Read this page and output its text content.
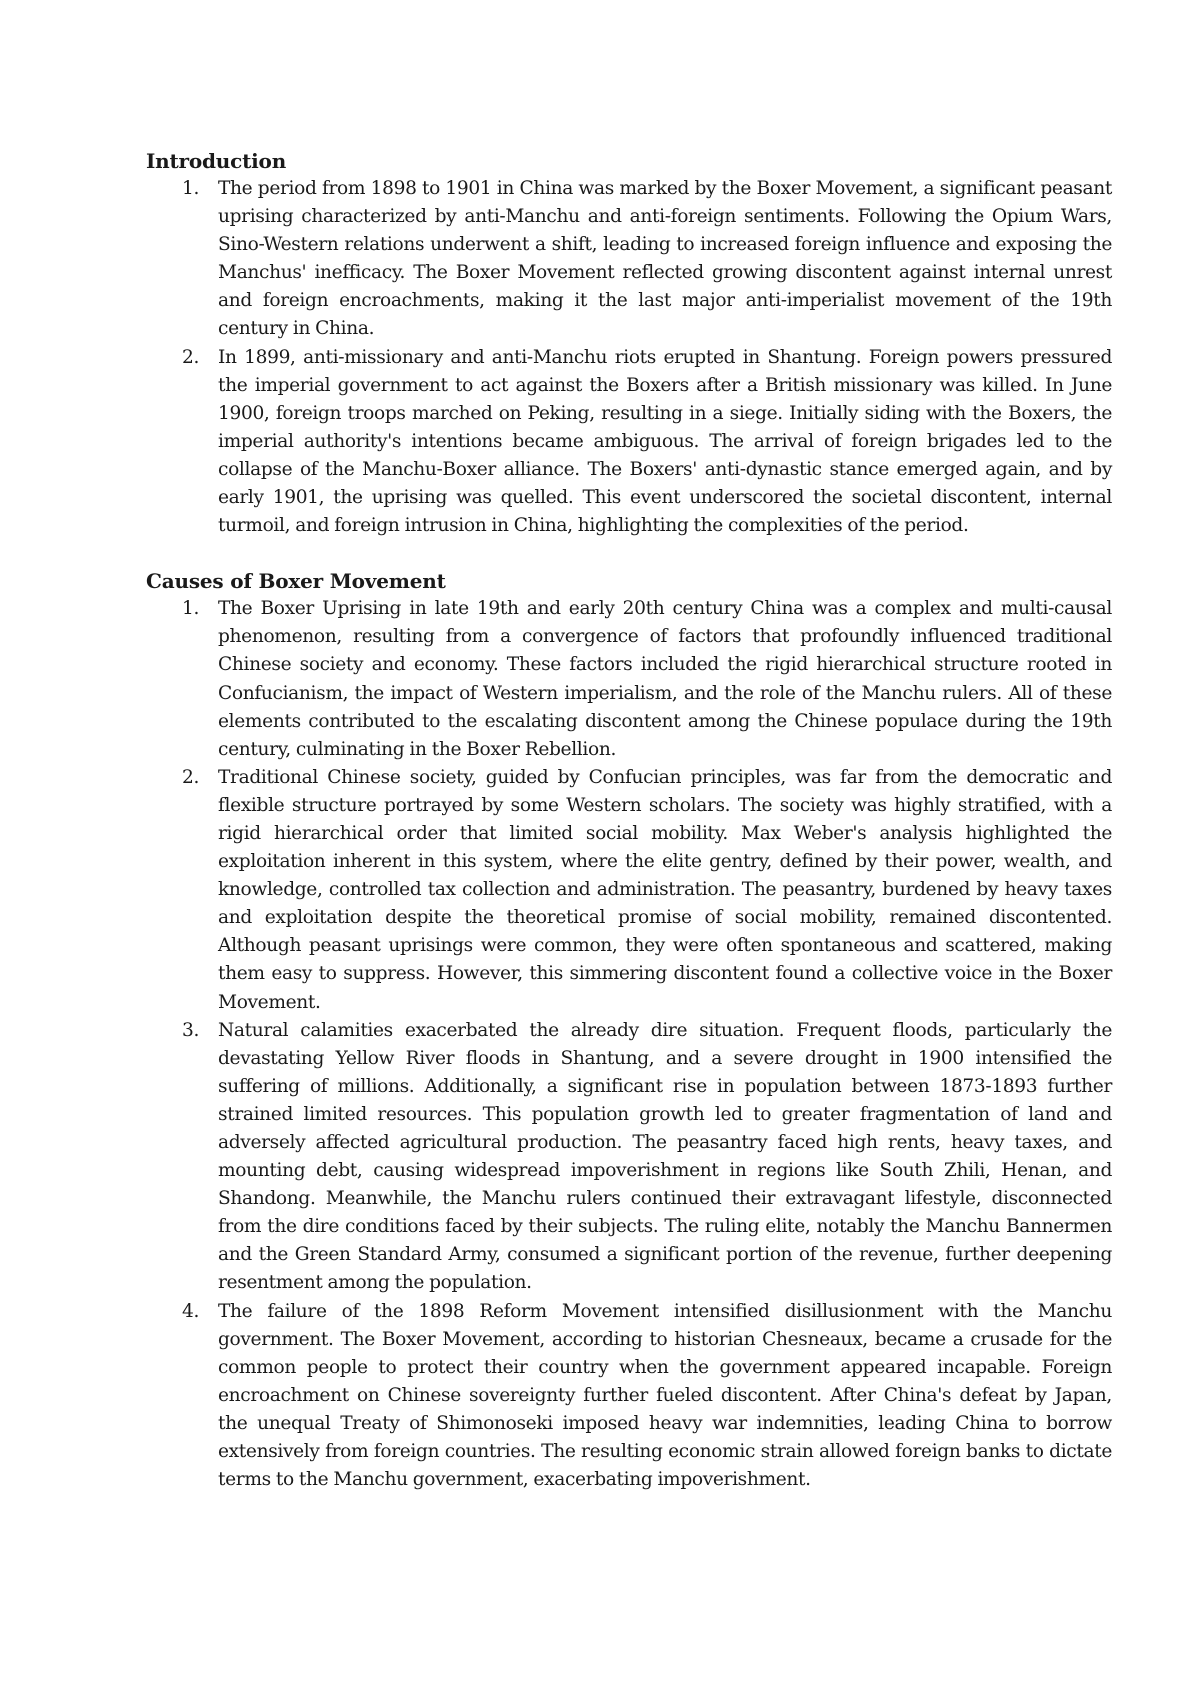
Introduction

1. The period from 1898 to 1901 in China was marked by the Boxer Movement, a significant peasant uprising characterized by anti-Manchu and anti-foreign sentiments. Following the Opium Wars, Sino-Western relations underwent a shift, leading to increased foreign influence and exposing the Manchus' inefficacy. The Boxer Movement reflected growing discontent against internal unrest and foreign encroachments, making it the last major anti-imperialist movement of the 19th century in China.
2. In 1899, anti-missionary and anti-Manchu riots erupted in Shantung. Foreign powers pressured the imperial government to act against the Boxers after a British missionary was killed. In June 1900, foreign troops marched on Peking, resulting in a siege. Initially siding with the Boxers, the imperial authority's intentions became ambiguous. The arrival of foreign brigades led to the collapse of the Manchu-Boxer alliance. The Boxers' anti-dynastic stance emerged again, and by early 1901, the uprising was quelled. This event underscored the societal discontent, internal turmoil, and foreign intrusion in China, highlighting the complexities of the period.

Causes of Boxer Movement

1. The Boxer Uprising in late 19th and early 20th century China was a complex and multi-causal phenomenon, resulting from a convergence of factors that profoundly influenced traditional Chinese society and economy. These factors included the rigid hierarchical structure rooted in Confucianism, the impact of Western imperialism, and the role of the Manchu rulers. All of these elements contributed to the escalating discontent among the Chinese populace during the 19th century, culminating in the Boxer Rebellion.
2. Traditional Chinese society, guided by Confucian principles, was far from the democratic and flexible structure portrayed by some Western scholars. The society was highly stratified, with a rigid hierarchical order that limited social mobility. Max Weber's analysis highlighted the exploitation inherent in this system, where the elite gentry, defined by their power, wealth, and knowledge, controlled tax collection and administration. The peasantry, burdened by heavy taxes and exploitation despite the theoretical promise of social mobility, remained discontented. Although peasant uprisings were common, they were often spontaneous and scattered, making them easy to suppress. However, this simmering discontent found a collective voice in the Boxer Movement.
3. Natural calamities exacerbated the already dire situation. Frequent floods, particularly the devastating Yellow River floods in Shantung, and a severe drought in 1900 intensified the suffering of millions. Additionally, a significant rise in population between 1873-1893 further strained limited resources. This population growth led to greater fragmentation of land and adversely affected agricultural production. The peasantry faced high rents, heavy taxes, and mounting debt, causing widespread impoverishment in regions like South Zhili, Henan, and Shandong. Meanwhile, the Manchu rulers continued their extravagant lifestyle, disconnected from the dire conditions faced by their subjects. The ruling elite, notably the Manchu Bannermen and the Green Standard Army, consumed a significant portion of the revenue, further deepening resentment among the population.
4. The failure of the 1898 Reform Movement intensified disillusionment with the Manchu government. The Boxer Movement, according to historian Chesneaux, became a crusade for the common people to protect their country when the government appeared incapable. Foreign encroachment on Chinese sovereignty further fueled discontent. After China's defeat by Japan, the unequal Treaty of Shimonoseki imposed heavy war indemnities, leading China to borrow extensively from foreign countries. The resulting economic strain allowed foreign banks to dictate terms to the Manchu government, exacerbating impoverishment.
